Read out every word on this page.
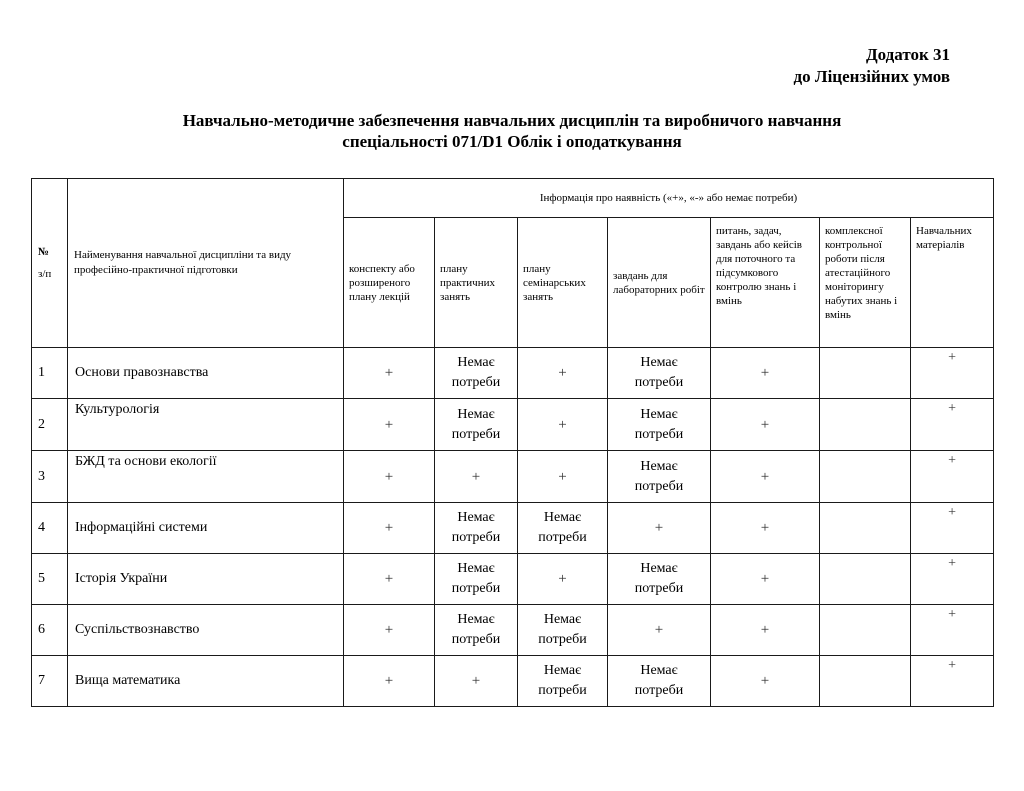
Додаток 31
до Ліцензійних умов
Навчально-методичне забезпечення навчальних дисциплін та виробничого навчання
спеціальності 071/D1 Облік і оподаткування
№
з/п	Найменування навчальної дисципліни та виду професійно-практичної підготовки	Інформація про наявність («+», «-» або немає потреби)						
		конспекту або розширеного плану лекцій	плану практичних занять	плану семінарських занять	завдань для лабораторних робіт	питань, задач, завдань або кейсів для поточного та підсумкового контролю знань і вмінь	комплексної контрольної роботи після атестаційного моніторингу набутих знань і вмінь	Навчальних матеріалів
1	Основи правознавства	+	Немає
потреби	+	Немає
потреби	+		+
2	Культурологія	+	Немає
потреби	+	Немає
потреби	+		+
3	БЖД та основи екології	+	+	+	Немає
потреби	+		+
4	Інформаційні системи	+	Немає
потреби	Немає
потреби	+	+		+
5	Історія України	+	Немає
потреби	+	Немає
потреби	+		+
6	Суспільствознавство	+	Немає
потреби	Немає
потреби	+	+		+
7	Вища математика	+	+	Немає
потреби	Немає
потреби	+		+
